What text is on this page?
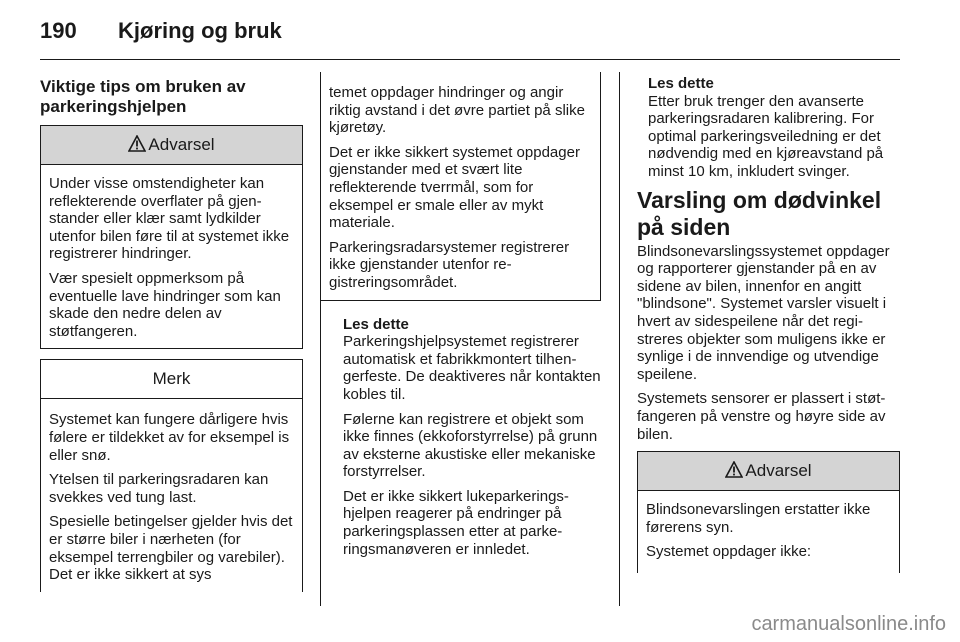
190 Kjøring og bruk
Viktige tips om bruken av parkeringshjelpen
Advarsel

Under visse omstendigheter kan reflekterende overflater på gjenstander eller klær samt lydkilder utenfor bilen føre til at systemet ikke registrerer hindringer.

Vær spesielt oppmerksom på eventuelle lave hindringer som kan skade den nedre delen av støtfangeren.

Merk

Systemet kan fungere dårligere hvis følere er tildekket av for eksempel is eller snø.

Ytelsen til parkeringsradaren kan svekkes ved tung last.

Spesielle betingelser gjelder hvis det er større biler i nærheten (for eksempel terrengbiler og varebiler). Det er ikke sikkert at sys

temet oppdager hindringer og angir riktig avstand i det øvre partiet på slike kjøretøy.

Det er ikke sikkert systemet oppdager gjenstander med et svært lite reflekterende tverrmål, som for eksempel er smale eller av mykt materiale.

Parkeringsradarsystemer registrerer ikke gjenstander utenfor registreringsområdet.

Les dette

Parkeringshjelpsystemet registrerer automatisk et fabrikkmontert tilhengerfeste. De deaktiveres når kontakten kobles til.

Følerne kan registrere et objekt som ikke finnes (ekkoforstyrrelse) på grunn av eksterne akustiske eller mekaniske forstyrrelser.

Det er ikke sikkert lukeparkeringshjelpen reagerer på endringer på parkeringsplassen etter at parkeringsmanøveren er innledet.

Les dette

Etter bruk trenger den avanserte parkeringsradaren kalibrering. For optimal parkeringsveiledning er det nødvendig med en kjøreavstand på minst 10 km, inkludert svinger.

Varsling om dødvinkel på siden

Blindsonevarslingssystemet oppdager og rapporterer gjenstander på en av sidene av bilen, innenfor en angitt "blindsone". Systemet varsler visuelt i hvert av sidespeilene når det registreres objekter som muligens ikke er synlige i de innvendige og utvendige speilene.

Systemets sensorer er plassert i støtfangeren på venstre og høyre side av bilen.

Advarsel

Blindsonevarslingen erstatter ikke førerens syn.

Systemet oppdager ikke:

carmanualsonline.info
